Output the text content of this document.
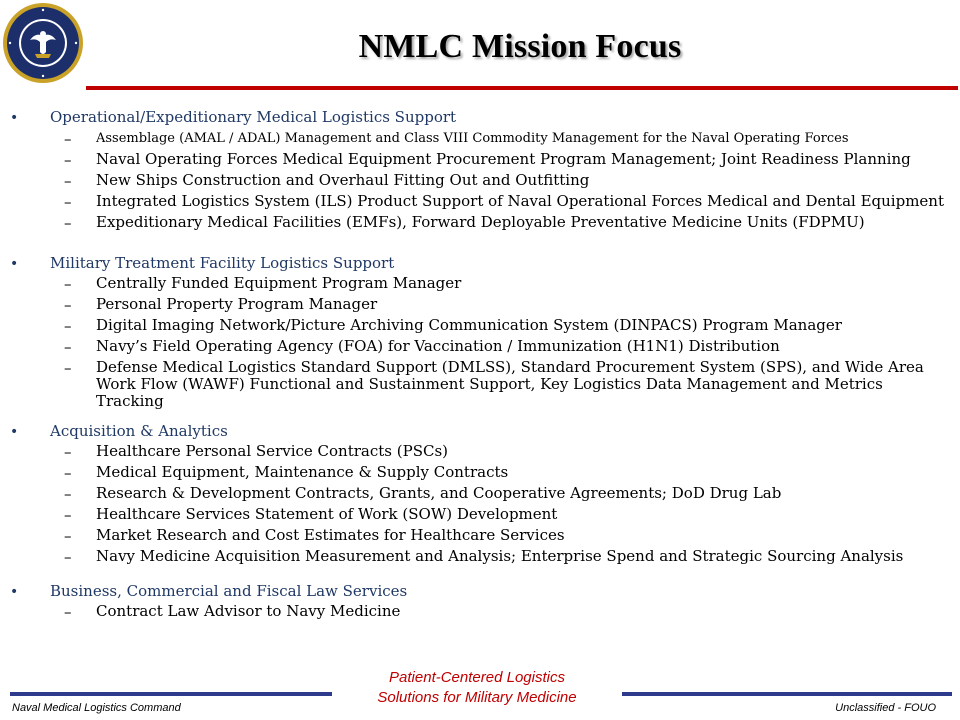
NMLC Mission Focus
• Operational/Expeditionary Medical Logistics Support
– Assemblage (AMAL / ADAL) Management and Class VIII Commodity Management for the Naval Operating Forces
– Naval Operating Forces Medical Equipment Procurement Program Management; Joint Readiness Planning
– New Ships Construction and Overhaul Fitting Out and Outfitting
– Integrated Logistics System (ILS) Product Support of Naval Operational Forces Medical and Dental Equipment
– Expeditionary Medical Facilities (EMFs), Forward Deployable Preventative Medicine Units (FDPMU)
• Military Treatment Facility Logistics Support
– Centrally Funded Equipment Program Manager
– Personal Property Program Manager
– Digital Imaging Network/Picture Archiving Communication System (DINPACS) Program Manager
– Navy’s Field Operating Agency (FOA) for Vaccination / Immunization (H1N1) Distribution
– Defense Medical Logistics Standard Support (DMLSS), Standard Procurement System (SPS), and Wide Area Work Flow (WAWF) Functional and Sustainment Support, Key Logistics Data Management and Metrics Tracking
• Acquisition & Analytics
– Healthcare Personal Service Contracts (PSCs)
– Medical Equipment, Maintenance & Supply Contracts
– Research & Development Contracts, Grants, and Cooperative Agreements; DoD Drug Lab
– Healthcare Services Statement of Work (SOW) Development
– Market Research and Cost Estimates for Healthcare Services
– Navy Medicine Acquisition Measurement and Analysis; Enterprise Spend and Strategic Sourcing Analysis
• Business, Commercial and Fiscal Law Services
– Contract Law Advisor to Navy Medicine
Patient-Centered Logistics
Solutions for Military Medicine
Naval Medical Logistics Command	Unclassified - FOUO
